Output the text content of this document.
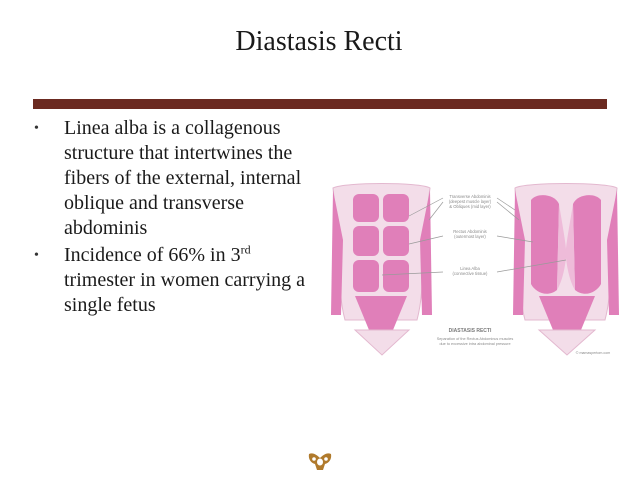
Diastasis Recti
• Linea alba is a collagenous structure that intertwines the fibers of the external, internal oblique and transverse abdominis
• Incidence of 66% in 3rd trimester in women carrying a single fetus
Transverse Abdominis
(deepest muscle layer)
& Obliques (mid layer)
Rectus Abdominis
(outermost layer)
Linea Alba
(connective tissue)
DIASTASIS RECTI
Separation of the Rectus Abdominus muscles
due to excessive intra abdominal pressure
© mamaspertom.com
